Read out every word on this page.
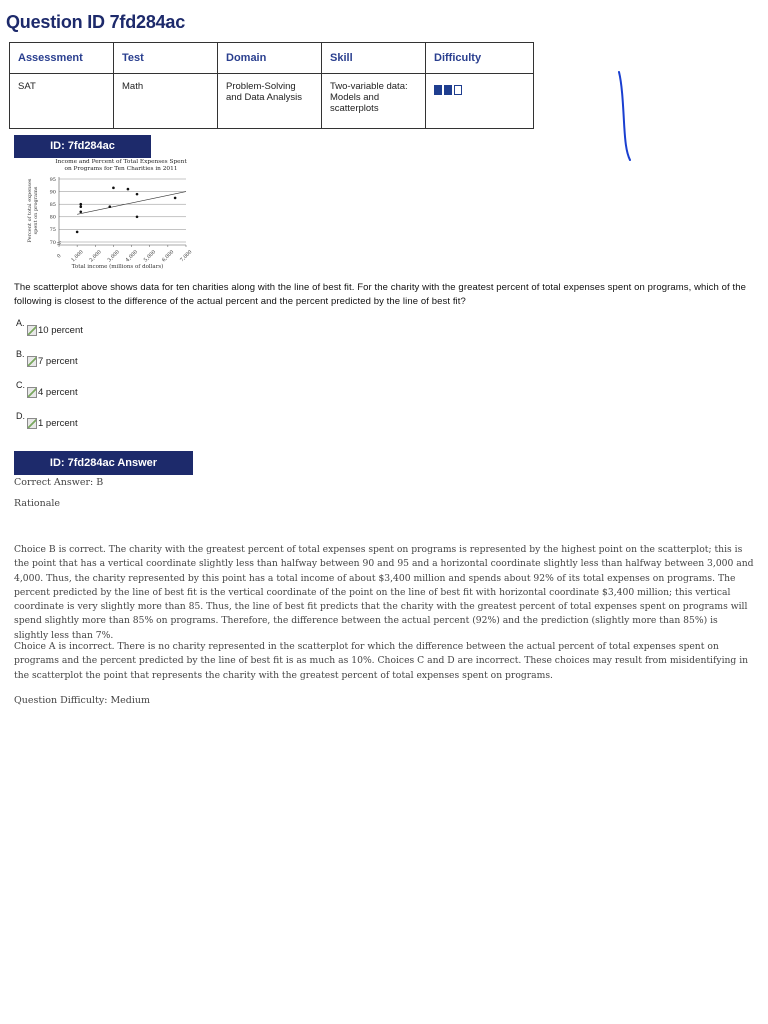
Question ID 7fd284ac
Assessment	Test	Domain	Skill	Difficulty
SAT	Math	Problem-Solving and Data Analysis	Two-variable data: Models and scatterplots	
ID: 7fd284ac
Income and Percent of Total Expenses Spent
on Programs for Ten Charities in 2011
Percent of total expenses spent on programs
70
75
80
85
90
95
0 1,000 2,000 3,000 4,000 5,000 6,000 7,000
Total income (millions of dollars)

The scatterplot above shows data for ten charities along with the line of best fit. For the charity with the greatest percent of total expenses spent on programs, which of the following is closest to the difference of the actual percent and the percent predicted by the line of best fit?

A.
10 percent
B.
7 percent
C.
4 percent
D.
1 percent
ID: 7fd284ac Answer

Correct Answer: B

Rationale

Choice B is correct. The charity with the greatest percent of total expenses spent on programs is represented by the highest point on the scatterplot; this is the point that has a vertical coordinate slightly less than halfway between 90 and 95 and a horizontal coordinate slightly less than halfway between 3,000 and 4,000. Thus, the charity represented by this point has a total income of about $3,400 million and spends about 92% of its total expenses on programs. The percent predicted by the line of best fit is the vertical coordinate of the point on the line of best fit with horizontal coordinate $3,400 million; this vertical coordinate is very slightly more than 85. Thus, the line of best fit predicts that the charity with the greatest percent of total expenses spent on programs will spend slightly more than 85% on programs. Therefore, the difference between the actual percent (92%) and the prediction (slightly more than 85%) is slightly less than 7%.

Choice A is incorrect. There is no charity represented in the scatterplot for which the difference between the actual percent of total expenses spent on programs and the percent predicted by the line of best fit is as much as 10%. Choices C and D are incorrect. These choices may result from misidentifying in the scatterplot the point that represents the charity with the greatest percent of total expenses spent on programs.

Question Difficulty: Medium
